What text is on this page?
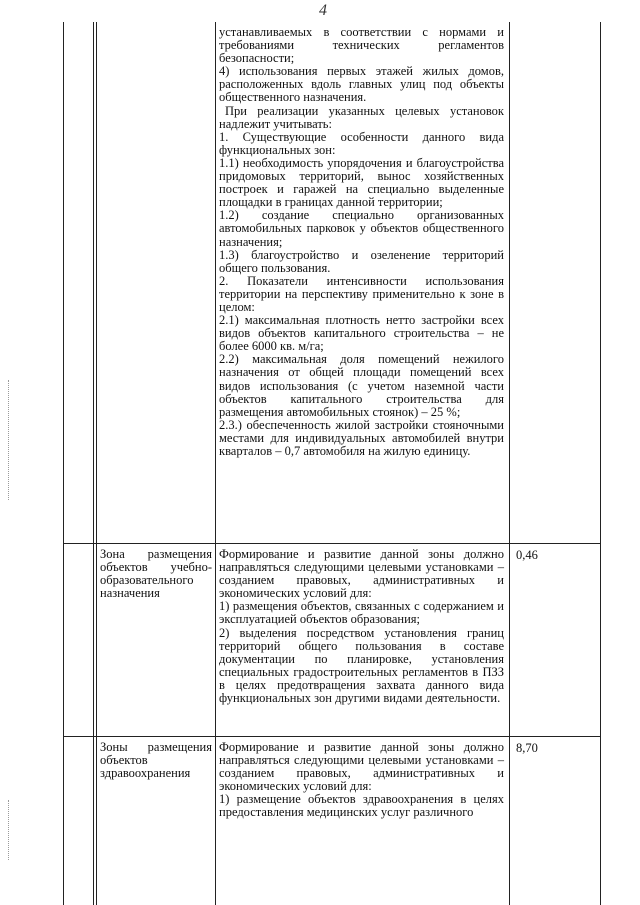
4

устанавливаемых в соответствии с нормами и требованиями технических регламентов безопасности;

4) использования первых этажей жилых домов, расположенных вдоль главных улиц под объекты общественного назначения.

При реализации указанных целевых установок надлежит учитывать:

1. Существующие особенности данного вида функциональных зон:

1.1) необходимость упорядочения и благоустройства придомовых территорий, вынос хозяйственных построек и гаражей на специально выделенные площадки в границах данной территории;

1.2) создание специально организованных автомобильных парковок у объектов общественного назначения;

1.3) благоустройство и озеленение территорий общего пользования.

2. Показатели интенсивности использования территории на перспективу применительно к зоне в целом:

2.1) максимальная плотность нетто застройки всех видов объектов капитального строительства – не более 6000 кв. м/га;

2.2) максимальная доля помещений нежилого назначения от общей площади помещений всех видов использования (с учетом наземной части объектов капитального строительства для размещения автомобильных стоянок) – 25 %;

2.3.) обеспеченность жилой застройки стояночными местами для индивидуальных автомобилей внутри кварталов – 0,7 автомобиля на жилую единицу.

Зона размещения объектов учебно-образовательного назначения

Формирование и развитие данной зоны должно направляться следующими целевыми установками – созданием правовых, административных и экономических условий для:

1) размещения объектов, связанных с содержанием и эксплуатацией объектов образования;

2) выделения посредством установления границ территорий общего пользования в составе документации по планировке, установления специальных градостроительных регламентов в ПЗЗ в целях предотвращения захвата данного вида функциональных зон другими видами деятельности.

0,46
Зоны размещения объектов здравоохранения

Формирование и развитие данной зоны должно направляться следующими целевыми установками – созданием правовых, административных и экономических условий для:

1) размещение объектов здравоохранения в целях предоставления медицинских услуг различного

8,70
